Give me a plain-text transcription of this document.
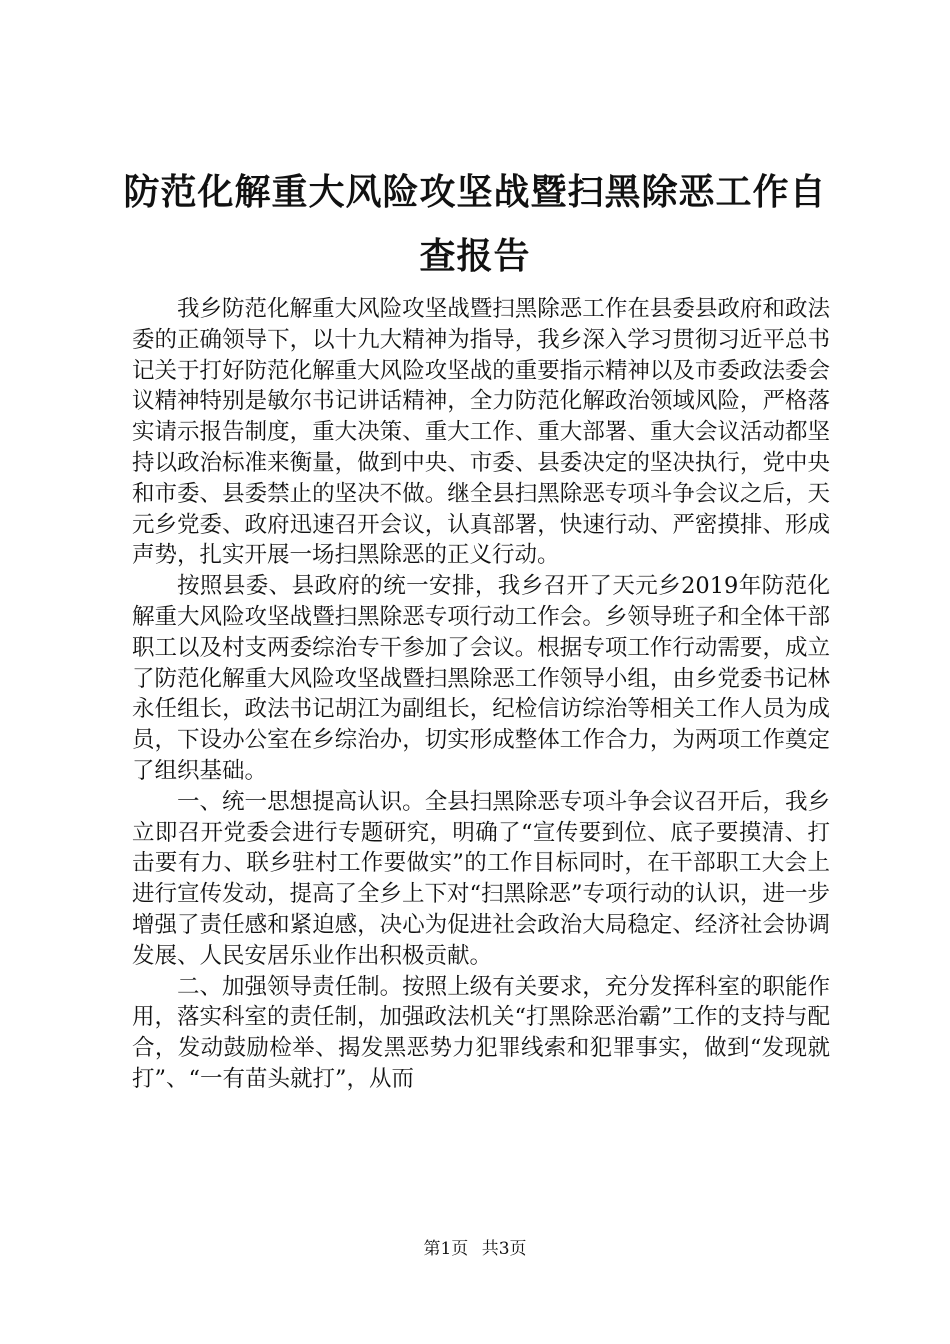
防范化解重大风险攻坚战暨扫黑除恶工作自查报告

我乡防范化解重大风险攻坚战暨扫黑除恶工作在县委县政府和政法委的正确领导下，以十九大精神为指导，我乡深入学习贯彻习近平总书记关于打好防范化解重大风险攻坚战的重要指示精神以及市委政法委会议精神特别是敏尔书记讲话精神，全力防范化解政治领域风险，严格落实请示报告制度，重大决策、重大工作、重大部署、重大会议活动都坚持以政治标准来衡量，做到中央、市委、县委决定的坚决执行，党中央和市委、县委禁止的坚决不做。继全县扫黑除恶专项斗争会议之后，天元乡党委、政府迅速召开会议，认真部署，快速行动、严密摸排、形成声势，扎实开展一场扫黑除恶的正义行动。

按照县委、县政府的统一安排，我乡召开了天元乡2019年防范化解重大风险攻坚战暨扫黑除恶专项行动工作会。乡领导班子和全体干部职工以及村支两委综治专干参加了会议。根据专项工作行动需要，成立了防范化解重大风险攻坚战暨扫黑除恶工作领导小组，由乡党委书记林永任组长，政法书记胡江为副组长，纪检信访综治等相关工作人员为成员，下设办公室在乡综治办，切实形成整体工作合力，为两项工作奠定了组织基础。

一、统一思想提高认识。全县扫黑除恶专项斗争会议召开后，我乡立即召开党委会进行专题研究，明确了“宣传要到位、底子要摸清、打击要有力、联乡驻村工作要做实”的工作目标同时，在干部职工大会上进行宣传发动，提高了全乡上下对“扫黑除恶”专项行动的认识，进一步增强了责任感和紧迫感，决心为促进社会政治大局稳定、经济社会协调发展、人民安居乐业作出积极贡献。

二、加强领导责任制。按照上级有关要求，充分发挥科室的职能作用，落实科室的责任制，加强政法机关“打黑除恶治霸”工作的支持与配合，发动鼓励检举、揭发黑恶势力犯罪线索和犯罪事实，做到“发现就打”、“一有苗头就打”，从而

第1页 共3页
